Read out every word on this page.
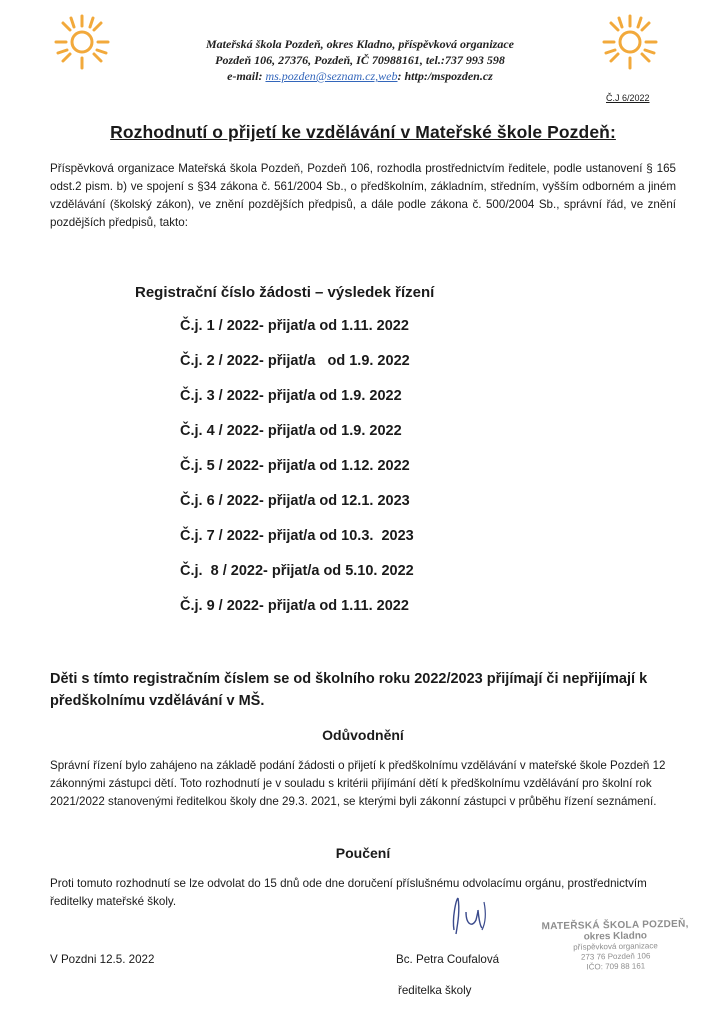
Mateřská škola Pozdeň, okres Kladno, příspěvková organizace
Pozdeň 106, 27376, Pozdeň, IČ 70988161, tel.:737 993 598
e-mail: ms.pozden@seznam.cz,web: http:/mspozden.cz
Č.J 6/2022
Rozhodnutí o přijetí ke vzdělávání v Mateřské škole Pozdeň:
Příspěvková organizace Mateřská škola Pozdeň, Pozdeň 106, rozhodla prostřednictvím ředitele, podle ustanovení § 165 odst.2 pism. b) ve spojení s §34 zákona č. 561/2004 Sb., o předškolním, základním, středním, vyšším odborném a jiném vzdělávání (školský zákon), ve znění pozdějších předpisů, a dále podle zákona č. 500/2004 Sb., správní řád, ve znění pozdějších předpisů, takto:
Registrační číslo žádosti – výsledek řízení
Č.j. 1 / 2022- přijat/a od 1.11. 2022
Č.j. 2 / 2022- přijat/a   od 1.9. 2022
Č.j. 3 / 2022- přijat/a od 1.9. 2022
Č.j. 4 / 2022- přijat/a od 1.9. 2022
Č.j. 5 / 2022- přijat/a od 1.12. 2022
Č.j. 6 / 2022- přijat/a od 12.1. 2023
Č.j. 7 / 2022- přijat/a od 10.3.  2023
Č.j.  8 / 2022- přijat/a od 5.10. 2022
Č.j. 9 / 2022- přijat/a od 1.11. 2022
Děti s tímto registračním číslem se od školního roku 2022/2023 přijímají či nepřijímají k předškolnímu vzdělávání v MŠ.
Odůvodnění
Správní řízení bylo zahájeno na základě podání žádosti o přijetí k předškolnímu vzdělávání v mateřské škole Pozdeň 12 zákonnými zástupci dětí. Toto rozhodnutí je v souladu s kritérii přijímání dětí k předškolnímu vzdělávání pro školní rok 2021/2022 stanovenými ředitelkou školy dne 29.3. 2021, se kterými byli zákonní zástupci v průběhu řízení seznámení.
Poučení
Proti tomuto rozhodnutí se lze odvolat do 15 dnů ode dne doručení příslušnému odvolacímu orgánu, prostřednictvím ředitelky mateřské školy.
MATEŘSKÁ ŠKOLA POZDEŇ,
okres Kladno
příspěvková organizace
273 76 Pozdeň 106
IČO: 709 88 161
V Pozdni 12.5. 2022	Bc. Petra Coufalová
ředitelka školy
